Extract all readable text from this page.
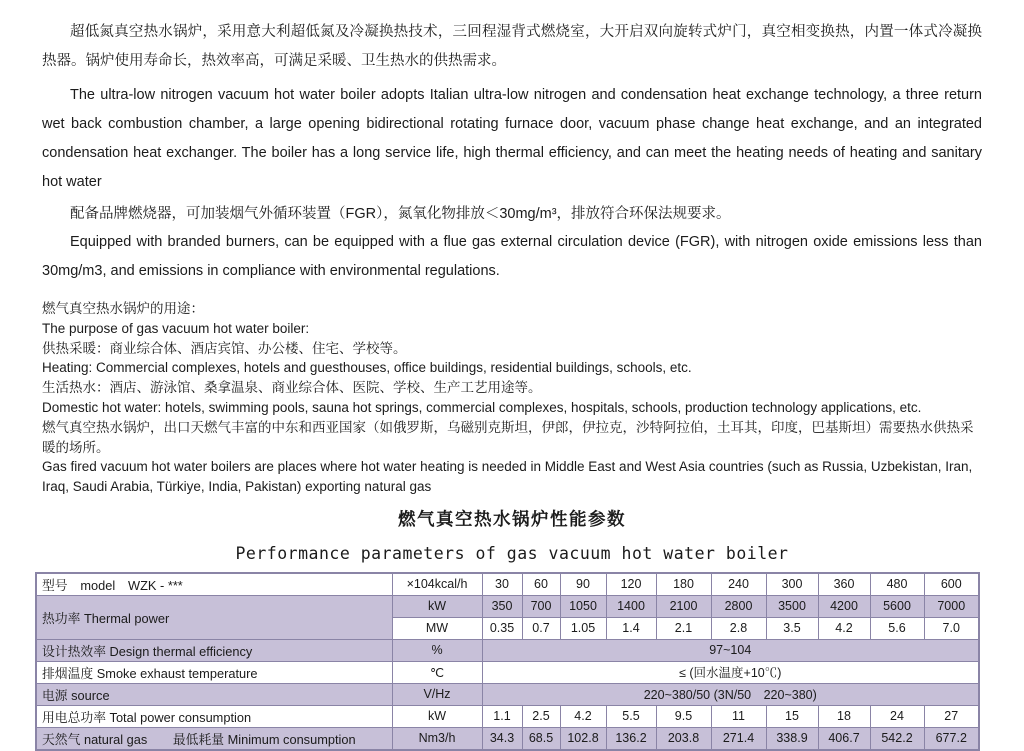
超低氮真空热水锅炉，采用意大利超低氮及冷凝换热技术，三回程湿背式燃烧室，大开启双向旋转式炉门，真空相变换热，内置一体式冷凝换热器。锅炉使用寿命长，热效率高，可满足采暖、卫生热水的供热需求。

The ultra-low nitrogen vacuum hot water boiler adopts Italian ultra-low nitrogen and condensation heat exchange technology, a three return wet back combustion chamber, a large opening bidirectional rotating furnace door, vacuum phase change heat exchange, and an integrated condensation heat exchanger. The boiler has a long service life, high thermal efficiency, and can meet the heating needs of heating and sanitary hot water

配备品牌燃烧器，可加装烟气外循环装置（FGR），氮氧化物排放＜30mg/m³，排放符合环保法规要求。

Equipped with branded burners, can be equipped with a flue gas external circulation device (FGR), with nitrogen oxide emissions less than 30mg/m3, and emissions in compliance with environmental regulations.

燃气真空热水锅炉的用途：
The purpose of gas vacuum hot water boiler:
供热采暖：商业综合体、酒店宾馆、办公楼、住宅、学校等。
Heating: Commercial complexes, hotels and guesthouses, office buildings, residential buildings, schools, etc.
生活热水：酒店、游泳馆、桑拿温泉、商业综合体、医院、学校、生产工艺用途等。
Domestic hot water: hotels, swimming pools, sauna hot springs, commercial complexes, hospitals, schools, production technology applications, etc.
燃气真空热水锅炉，出口天燃气丰富的中东和西亚国家（如俄罗斯，乌磁别克斯坦，伊郎，伊拉克，沙特阿拉伯，土耳其，印度，巴基斯坦）需要热水供热采暖的场所。
Gas fired vacuum hot water boilers are places where hot water heating is needed in Middle East and West Asia countries (such as Russia, Uzbekistan, Iran, Iraq, Saudi Arabia, Türkiye, India, Pakistan) exporting natural gas
燃气真空热水锅炉性能参数
Performance parameters of gas vacuum hot water boiler
型号　model　WZK - ***	×104kcal/h	30	60	90	120	180	240	300	360	480	600
热功率 Thermal power	kW	350	700	1050	1400	2100	2800	3500	4200	5600	7000
	MW	0.35	0.7	1.05	1.4	2.1	2.8	3.5	4.2	5.6	7.0
设计热效率 Design thermal efficiency	%	97~104									
排烟温度 Smoke exhaust temperature	℃	≤ (回水温度+10℃)									
电源 source	V/Hz	220~380/50 (3N/50　220~380)									
用电总功率 Total power consumption	kW	1.1	2.5	4.2	5.5	9.5	11	15	18	24	27
天然气 natural gas　　最低耗量 Minimum consumption	Nm3/h	34.3	68.5	102.8	136.2	203.8	271.4	338.9	406.7	542.2	677.2
